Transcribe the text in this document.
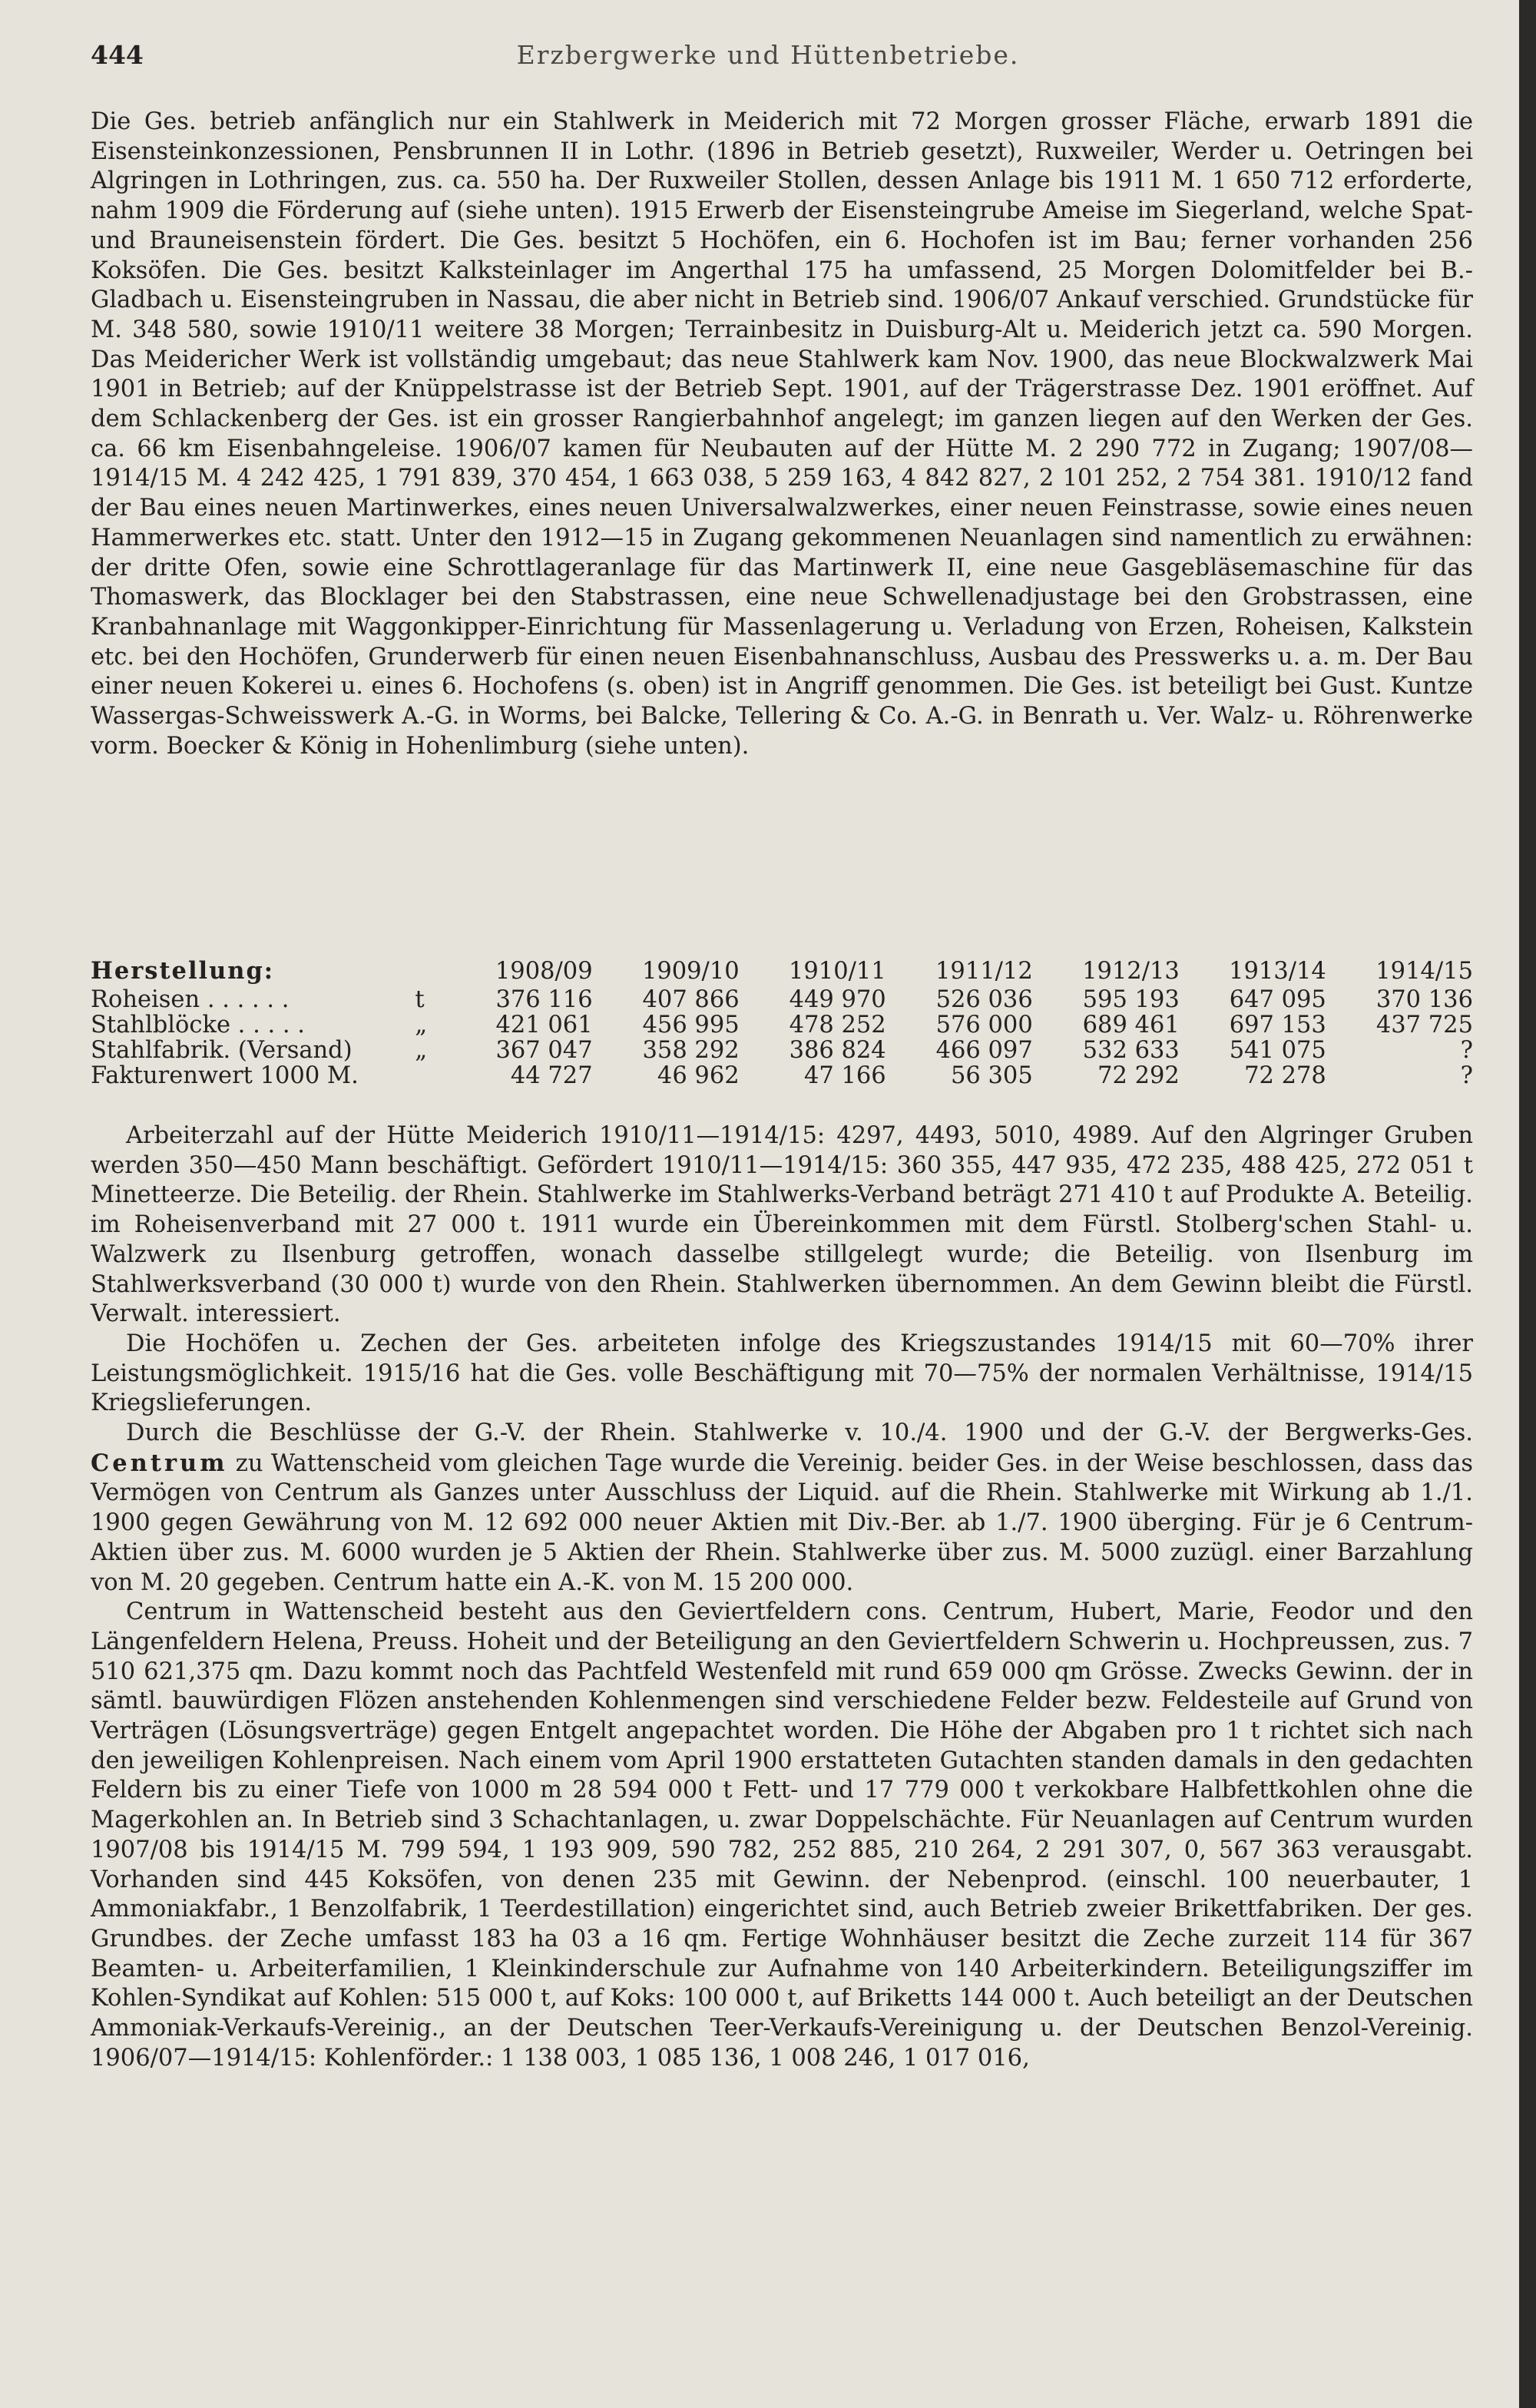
444	Erzbergwerke und Hüttenbetriebe.

Die Ges. betrieb anfänglich nur ein Stahlwerk in Meiderich mit 72 Morgen grosser Fläche, erwarb 1891 die Eisensteinkonzessionen, Pensbrunnen II in Lothr. (1896 in Betrieb gesetzt), Ruxweiler, Werder u. Oetringen bei Algringen in Lothringen, zus. ca. 550 ha. Der Ruxweiler Stollen, dessen Anlage bis 1911 M. 1 650 712 erforderte, nahm 1909 die Förderung auf (siehe unten). 1915 Erwerb der Eisensteingrube Ameise im Siegerland, welche Spat- und Brauneisenstein fördert. Die Ges. besitzt 5 Hochöfen, ein 6. Hochofen ist im Bau; ferner vorhanden 256 Koksöfen. Die Ges. besitzt Kalksteinlager im Angerthal 175 ha umfassend, 25 Morgen Dolomitfelder bei B.-Gladbach u. Eisensteingruben in Nassau, die aber nicht in Betrieb sind. 1906/07 Ankauf verschied. Grundstücke für M. 348 580, sowie 1910/11 weitere 38 Morgen; Terrainbesitz in Duisburg-Alt u. Meiderich jetzt ca. 590 Morgen. Das Meidericher Werk ist vollständig umgebaut; das neue Stahlwerk kam Nov. 1900, das neue Blockwalzwerk Mai 1901 in Betrieb; auf der Knüppelstrasse ist der Betrieb Sept. 1901, auf der Trägerstrasse Dez. 1901 eröffnet. Auf dem Schlackenberg der Ges. ist ein grosser Rangierbahnhof angelegt; im ganzen liegen auf den Werken der Ges. ca. 66 km Eisenbahngeleise. 1906/07 kamen für Neubauten auf der Hütte M. 2 290 772 in Zugang; 1907/08—1914/15 M. 4 242 425, 1 791 839, 370 454, 1 663 038, 5 259 163, 4 842 827, 2 101 252, 2 754 381. 1910/12 fand der Bau eines neuen Martinwerkes, eines neuen Universalwalzwerkes, einer neuen Feinstrasse, sowie eines neuen Hammerwerkes etc. statt. Unter den 1912—15 in Zugang gekommenen Neuanlagen sind namentlich zu erwähnen: der dritte Ofen, sowie eine Schrottlageranlage für das Martinwerk II, eine neue Gasgebläsemaschine für das Thomaswerk, das Blocklager bei den Stabstrassen, eine neue Schwellenadjustage bei den Grobstrassen, eine Kranbahnanlage mit Waggonkipper-Einrichtung für Massenlagerung u. Verladung von Erzen, Roheisen, Kalkstein etc. bei den Hochöfen, Grunderwerb für einen neuen Eisenbahnanschluss, Ausbau des Presswerks u. a. m. Der Bau einer neuen Kokerei u. eines 6. Hochofens (s. oben) ist in Angriff genommen. Die Ges. ist beteiligt bei Gust. Kuntze Wassergas-Schweisswerk A.-G. in Worms, bei Balcke, Tellering & Co. A.-G. in Benrath u. Ver. Walz- u. Röhrenwerke vorm. Boecker & König in Hohenlimburg (siehe unten).

Herstellung:		1908/09	1909/10	1910/11	1911/12	1912/13	1913/14	1914/15
Roheisen . . . . . .	t	376 116	407 866	449 970	526 036	595 193	647 095	370 136
Stahlblöcke . . . . .	„	421 061	456 995	478 252	576 000	689 461	697 153	437 725
Stahlfabrik. (Versand)	„	367 047	358 292	386 824	466 097	532 633	541 075	?
Fakturenwert 1000 M.		44 727	46 962	47 166	56 305	72 292	72 278	?

Arbeiterzahl auf der Hütte Meiderich 1910/11—1914/15: 4297, 4493, 5010, 4989. Auf den Algringer Gruben werden 350—450 Mann beschäftigt. Gefördert 1910/11—1914/15: 360 355, 447 935, 472 235, 488 425, 272 051 t Minetteerze. Die Beteilig. der Rhein. Stahlwerke im Stahlwerks-Verband beträgt 271 410 t auf Produkte A. Beteilig. im Roheisenverband mit 27 000 t. 1911 wurde ein Übereinkommen mit dem Fürstl. Stolberg'schen Stahl- u. Walzwerk zu Ilsenburg getroffen, wonach dasselbe stillgelegt wurde; die Beteilig. von Ilsenburg im Stahlwerksverband (30 000 t) wurde von den Rhein. Stahlwerken übernommen. An dem Gewinn bleibt die Fürstl. Verwalt. interessiert.

Die Hochöfen u. Zechen der Ges. arbeiteten infolge des Kriegszustandes 1914/15 mit 60—70% ihrer Leistungsmöglichkeit. 1915/16 hat die Ges. volle Beschäftigung mit 70—75% der normalen Verhältnisse, 1914/15 Kriegslieferungen.

Durch die Beschlüsse der G.-V. der Rhein. Stahlwerke v. 10./4. 1900 und der G.-V. der Bergwerks-Ges. Centrum zu Wattenscheid vom gleichen Tage wurde die Vereinig. beider Ges. in der Weise beschlossen, dass das Vermögen von Centrum als Ganzes unter Ausschluss der Liquid. auf die Rhein. Stahlwerke mit Wirkung ab 1./1. 1900 gegen Gewährung von M. 12 692 000 neuer Aktien mit Div.-Ber. ab 1./7. 1900 überging. Für je 6 Centrum-Aktien über zus. M. 6000 wurden je 5 Aktien der Rhein. Stahlwerke über zus. M. 5000 zuzügl. einer Barzahlung von M. 20 gegeben. Centrum hatte ein A.-K. von M. 15 200 000.

Centrum in Wattenscheid besteht aus den Geviertfeldern cons. Centrum, Hubert, Marie, Feodor und den Längenfeldern Helena, Preuss. Hoheit und der Beteiligung an den Geviertfeldern Schwerin u. Hochpreussen, zus. 7 510 621,375 qm. Dazu kommt noch das Pachtfeld Westenfeld mit rund 659 000 qm Grösse. Zwecks Gewinn. der in sämtl. bauwürdigen Flözen anstehenden Kohlenmengen sind verschiedene Felder bezw. Feldesteile auf Grund von Verträgen (Lösungsverträge) gegen Entgelt angepachtet worden. Die Höhe der Abgaben pro 1 t richtet sich nach den jeweiligen Kohlenpreisen. Nach einem vom April 1900 erstatteten Gutachten standen damals in den gedachten Feldern bis zu einer Tiefe von 1000 m 28 594 000 t Fett- und 17 779 000 t verkokbare Halbfettkohlen ohne die Magerkohlen an. In Betrieb sind 3 Schachtanlagen, u. zwar Doppelschächte. Für Neuanlagen auf Centrum wurden 1907/08 bis 1914/15 M. 799 594, 1 193 909, 590 782, 252 885, 210 264, 2 291 307, 0, 567 363 verausgabt. Vorhanden sind 445 Koksöfen, von denen 235 mit Gewinn. der Nebenprod. (einschl. 100 neuerbauter, 1 Ammoniakfabr., 1 Benzolfabrik, 1 Teerdestillation) eingerichtet sind, auch Betrieb zweier Brikettfabriken. Der ges. Grundbes. der Zeche umfasst 183 ha 03 a 16 qm. Fertige Wohnhäuser besitzt die Zeche zurzeit 114 für 367 Beamten- u. Arbeiterfamilien, 1 Kleinkinderschule zur Aufnahme von 140 Arbeiterkindern. Beteiligungsziffer im Kohlen-Syndikat auf Kohlen: 515 000 t, auf Koks: 100 000 t, auf Briketts 144 000 t. Auch beteiligt an der Deutschen Ammoniak-Verkaufs-Vereinig., an der Deutschen Teer-Verkaufs-Vereinigung u. der Deutschen Benzol-Vereinig. 1906/07—1914/15: Kohlenförder.: 1 138 003, 1 085 136, 1 008 246, 1 017 016,
